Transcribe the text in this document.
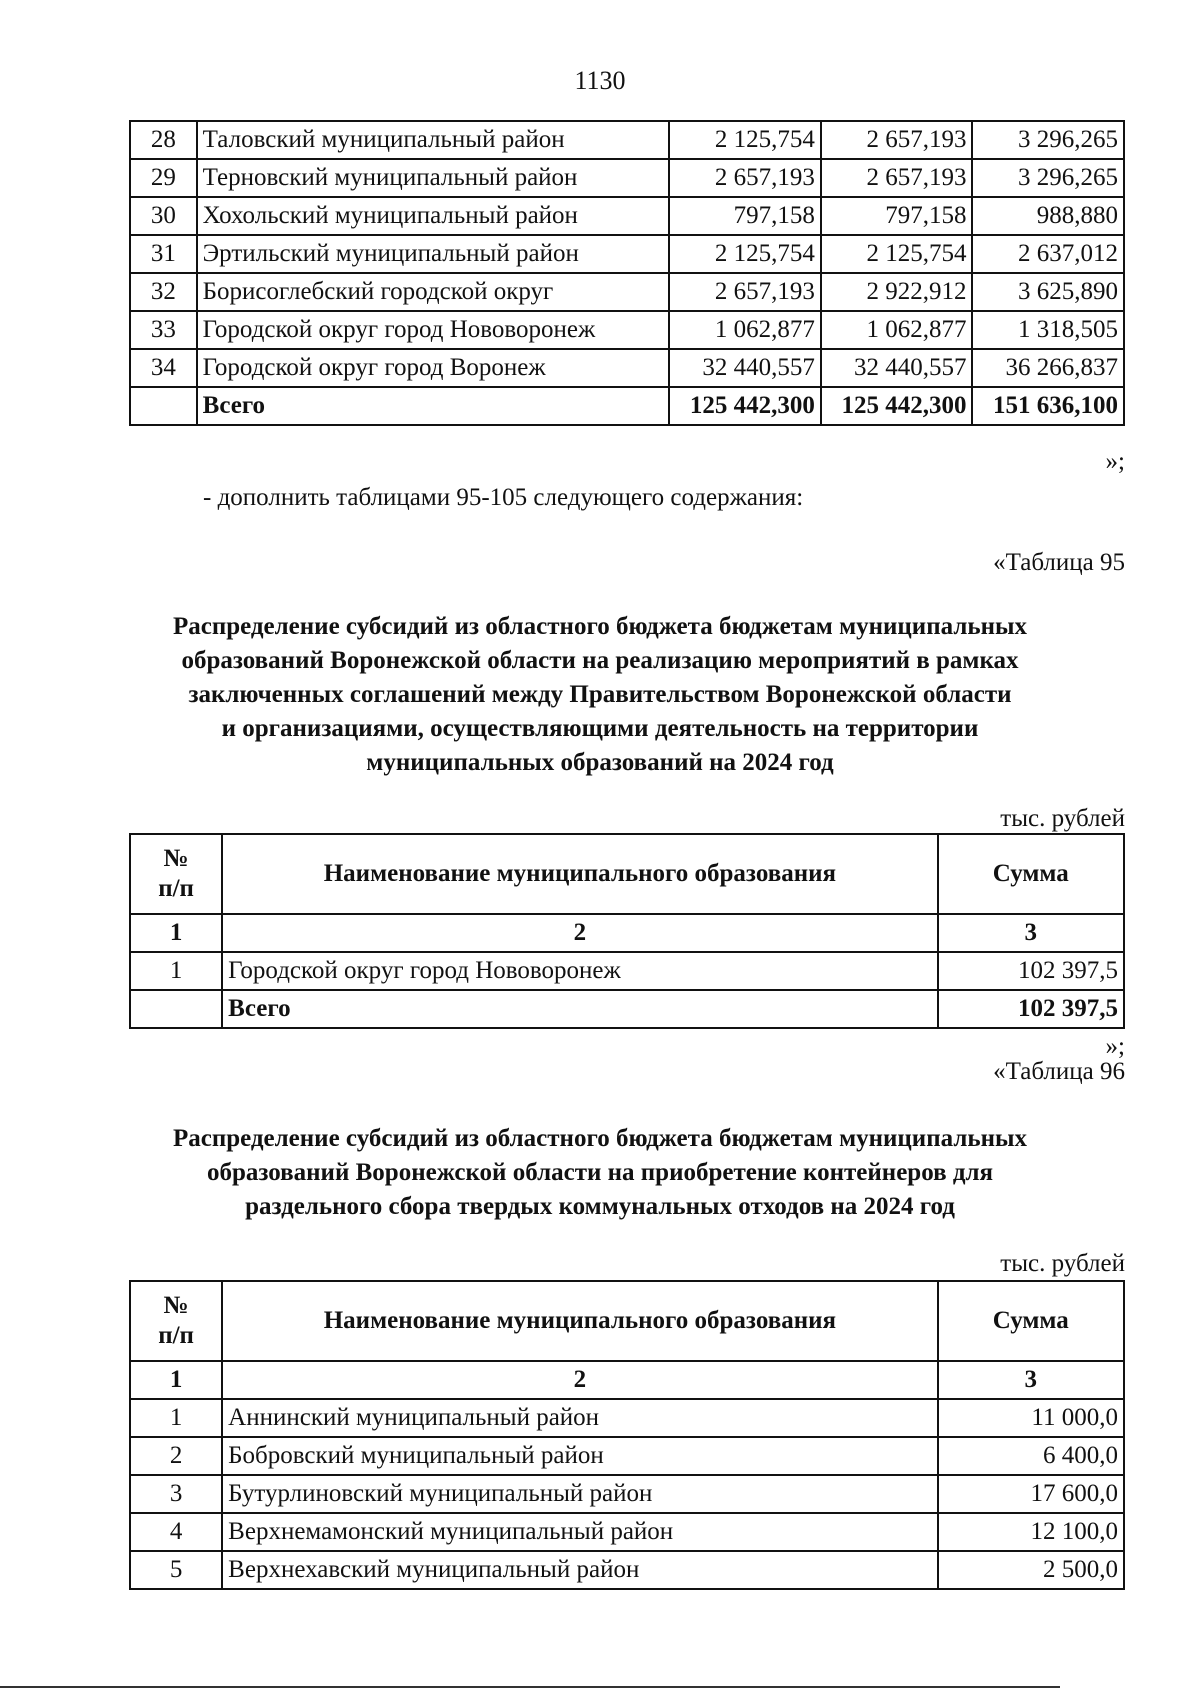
1130
28	Таловский муниципальный район	2 125,754	2 657,193	3 296,265
29	Терновский муниципальный район	2 657,193	2 657,193	3 296,265
30	Хохольский муниципальный район	797,158	797,158	988,880
31	Эртильский муниципальный район	2 125,754	2 125,754	2 637,012
32	Борисоглебский городской округ	2 657,193	2 922,912	3 625,890
33	Городской округ город Нововоронеж	1 062,877	1 062,877	1 318,505
34	Городской округ город Воронеж	32 440,557	32 440,557	36 266,837
	Всего	125 442,300	125 442,300	151 636,100
»;
- дополнить таблицами 95-105 следующего содержания:
«Таблица 95
Распределение субсидий из областного бюджета бюджетам муниципальных
образований Воронежской области на реализацию мероприятий в рамках
заключенных соглашений между Правительством Воронежской области
и организациями, осуществляющими деятельность на территории
муниципальных образований на 2024 год
тыс. рублей
№
п/п	Наименование муниципального образования	Сумма
1	2	3
1	Городской округ город Нововоронеж	102 397,5
	Всего	102 397,5
»;
«Таблица 96
Распределение субсидий из областного бюджета бюджетам муниципальных
образований Воронежской области на приобретение контейнеров для
раздельного сбора твердых коммунальных отходов на 2024 год
тыс. рублей
№
п/п	Наименование муниципального образования	Сумма
1	2	3
1	Аннинский муниципальный район	11 000,0
2	Бобровский муниципальный район	6 400,0
3	Бутурлиновский муниципальный район	17 600,0
4	Верхнемамонский муниципальный район	12 100,0
5	Верхнехавский муниципальный район	2 500,0
